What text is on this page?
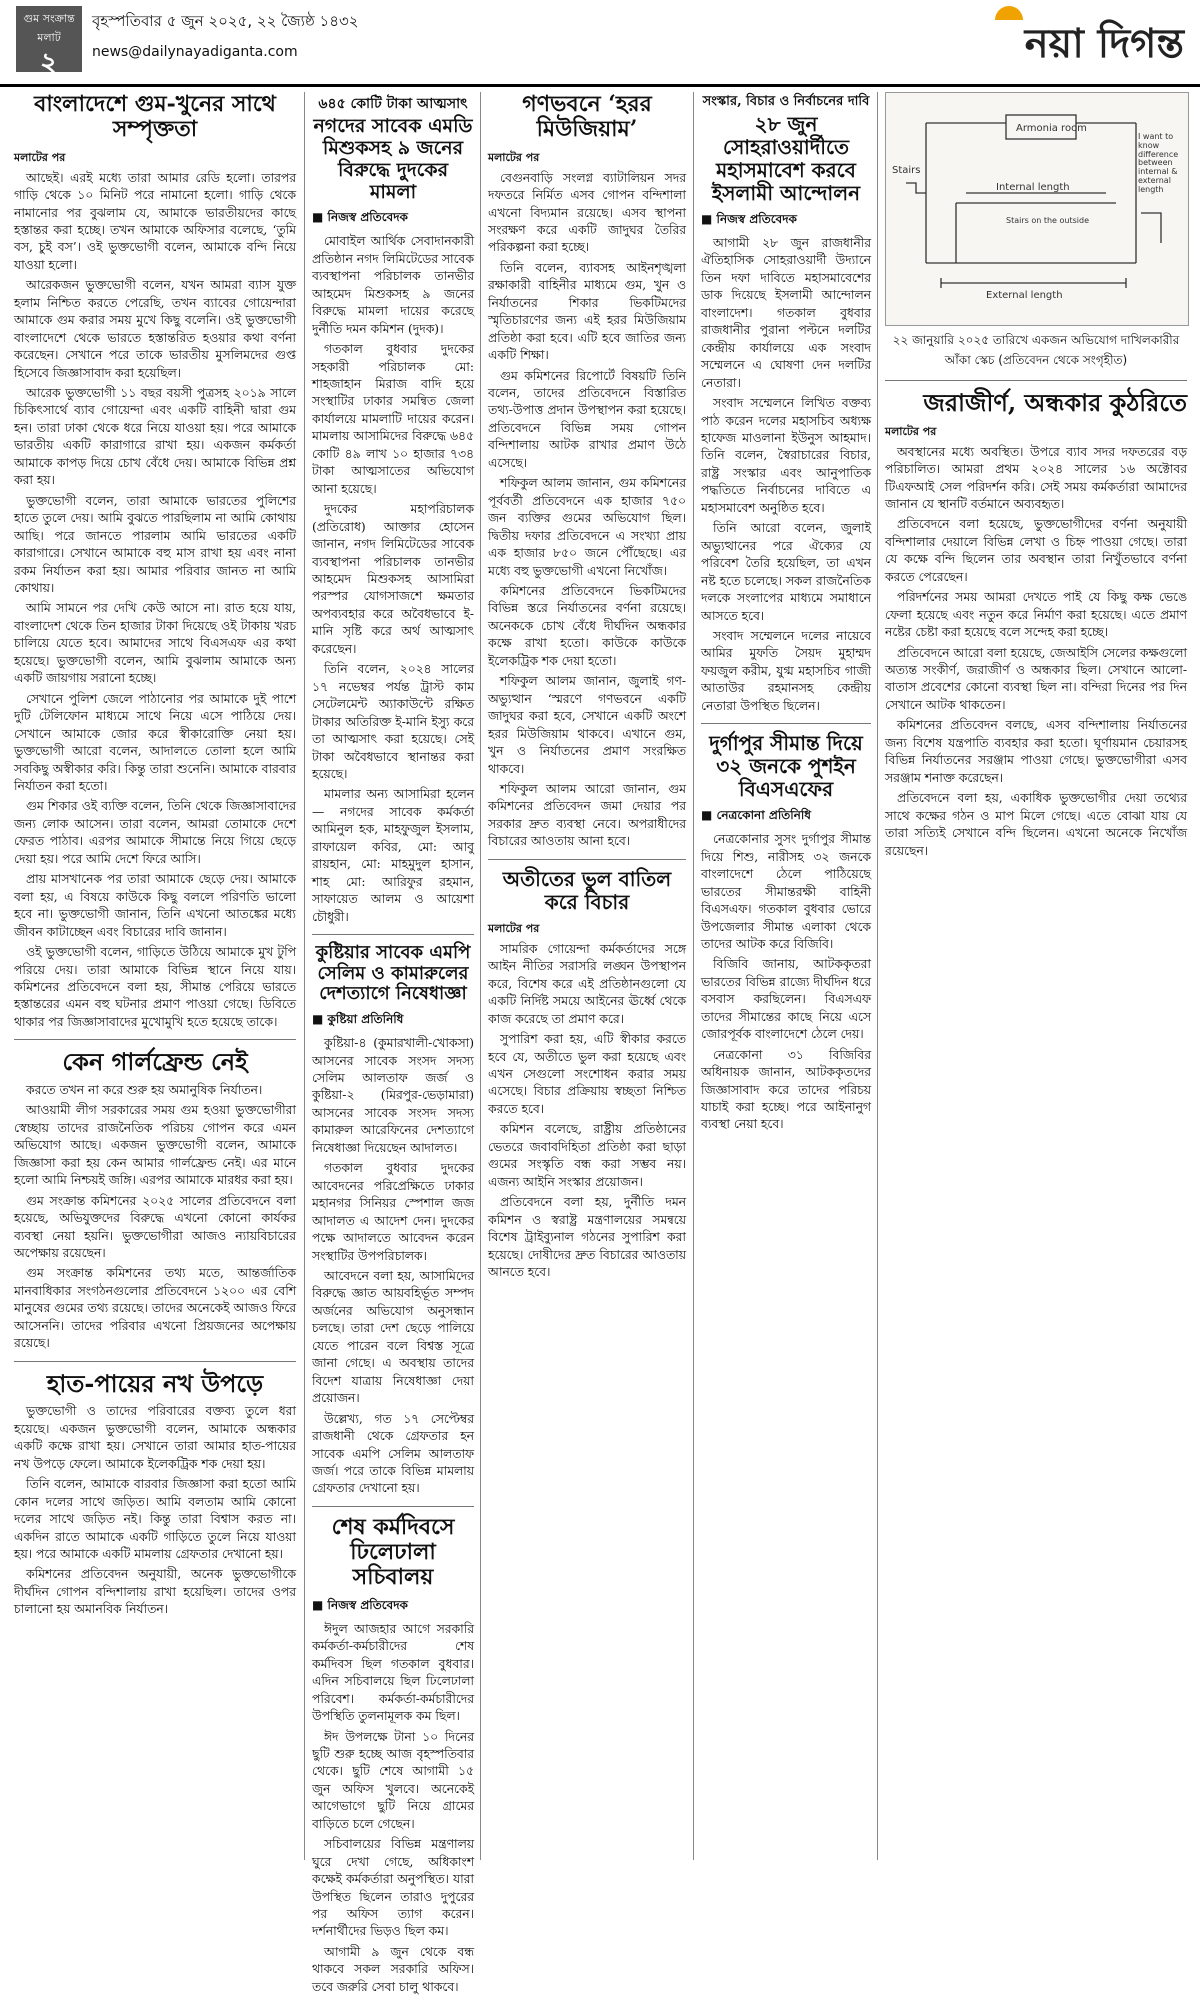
গুম সংক্রান্ত
মলাট
২
বৃহস্পতিবার ৫ জুন ২০২৫, ২২ জ্যৈষ্ঠ ১৪৩২
news@dailynayadiganta.com	নয়া দিগন্ত
বাংলাদেশে গুম-খুনের সাথে সম্পৃক্ততা
মলাটের পর

আছেই। এরই মধ্যে তারা আমার রেডি হলো। তারপর গাড়ি থেকে ১০ মিনিট পরে নামানো হলো। গাড়ি থেকে নামানোর পর বুঝলাম যে, আমাকে ভারতীয়দের কাছে হস্তান্তর করা হচ্ছে। তখন আমাকে অফিসার বলেছে, ‘তুমি বস, চুই বস’। ওই ভুক্তভোগী বলেন, আমাকে বন্দি নিয়ে যাওয়া হলো।

আরেকজন ভুক্তভোগী বলেন, যখন আমরা ব্যাস যুক্ত হলাম নিশ্চিত করতে পেরেছি, তখন ব্যাবের গোয়েন্দারা আমাকে গুম করার সময় মুখে কিছু বলেনি। ওই ভুক্তভোগী বাংলাদেশে থেকে ভারতে হস্তান্তরিত হওয়ার কথা বর্ণনা করেছেন। সেখানে পরে তাকে ভারতীয় মুসলিমদের গুপ্ত হিসেবে জিজ্ঞাসাবাদ করা হয়েছিল।

আরেক ভুক্তভোগী ১১ বছর বয়সী পুত্রসহ ২০১৯ সালে চিকিৎসার্থে ব্যাব গোয়েন্দা এবং একটি বাহিনী দ্বারা গুম হন। তারা ঢাকা থেকে ধরে নিয়ে যাওয়া হয়। পরে আমাকে ভারতীয় একটি কারাগারে রাখা হয়। একজন কর্মকর্তা আমাকে কাপড় দিয়ে চোখ বেঁধে দেয়। আমাকে বিভিন্ন প্রশ্ন করা হয়।

ভুক্তভোগী বলেন, তারা আমাকে ভারতের পুলিশের হাতে তুলে দেয়। আমি বুঝতে পারছিলাম না আমি কোথায় আছি। পরে জানতে পারলাম আমি ভারতের একটি কারাগারে। সেখানে আমাকে বহু মাস রাখা হয় এবং নানা রকম নির্যাতন করা হয়। আমার পরিবার জানত না আমি কোথায়।

আমি সামনে পর দেখি কেউ আসে না। রাত হয়ে যায়, বাংলাদেশ থেকে তিন হাজার টাকা দিয়েছে ওই টাকায় খরচ চালিয়ে যেতে হবে। আমাদের সাথে বিএসএফ এর কথা হয়েছে। ভুক্তভোগী বলেন, আমি বুঝলাম আমাকে অন্য একটি জায়গায় সরানো হচ্ছে।

সেখানে পুলিশ জেলে পাঠানোর পর আমাকে দুই পাশে দুটি টেলিফোন মাধ্যমে সাথে নিয়ে এসে পাঠিয়ে দেয়। সেখানে আমাকে জোর করে স্বীকারোক্তি নেয়া হয়। ভুক্তভোগী আরো বলেন, আদালতে তোলা হলে আমি সবকিছু অস্বীকার করি। কিন্তু তারা শুনেনি। আমাকে বারবার নির্যাতন করা হতো।

গুম শিকার ওই ব্যক্তি বলেন, তিনি থেকে জিজ্ঞাসাবাদের জন্য লোক আসেন। তারা বলেন, আমরা তোমাকে দেশে ফেরত পাঠাব। এরপর আমাকে সীমান্তে নিয়ে গিয়ে ছেড়ে দেয়া হয়। পরে আমি দেশে ফিরে আসি।

প্রায় মাসখানেক পর তারা আমাকে ছেড়ে দেয়। আমাকে বলা হয়, এ বিষয়ে কাউকে কিছু বললে পরিণতি ভালো হবে না। ভুক্তভোগী জানান, তিনি এখনো আতঙ্কের মধ্যে জীবন কাটাচ্ছেন এবং বিচারের দাবি জানান।

ওই ভুক্তভোগী বলেন, গাড়িতে উঠিয়ে আমাকে মুখ টুপি পরিয়ে দেয়। তারা আমাকে বিভিন্ন স্থানে নিয়ে যায়। কমিশনের প্রতিবেদনে বলা হয়, সীমান্ত পেরিয়ে ভারতে হস্তান্তরের এমন বহু ঘটনার প্রমাণ পাওয়া গেছে। ডিবিতে থাকার পর জিজ্ঞাসাবাদের মুখোমুখি হতে হয়েছে তাকে।

কেন গার্লফ্রেন্ড নেই

করতে তখন না করে শুরু হয় অমানুষিক নির্যাতন।

আওয়ামী লীগ সরকারের সময় গুম হওয়া ভুক্তভোগীরা স্বেচ্ছায় তাদের রাজনৈতিক পরিচয় গোপন করে এমন অভিযোগ আছে। একজন ভুক্তভোগী বলেন, আমাকে জিজ্ঞাসা করা হয় কেন আমার গার্লফ্রেন্ড নেই। এর মানে হলো আমি নিশ্চয়ই জঙ্গি। এরপর আমাকে মারধর করা হয়।

গুম সংক্রান্ত কমিশনের ২০২৫ সালের প্রতিবেদনে বলা হয়েছে, অভিযুক্তদের বিরুদ্ধে এখনো কোনো কার্যকর ব্যবস্থা নেয়া হয়নি। ভুক্তভোগীরা আজও ন্যায়বিচারের অপেক্ষায় রয়েছেন।

গুম সংক্রান্ত কমিশনের তথ্য মতে, আন্তর্জাতিক মানবাধিকার সংগঠনগুলোর প্রতিবেদনে ১২০০ এর বেশি মানুষের গুমের তথ্য রয়েছে। তাদের অনেকেই আজও ফিরে আসেননি। তাদের পরিবার এখনো প্রিয়জনের অপেক্ষায় রয়েছে।

হাত-পায়ের নখ উপড়ে

ভুক্তভোগী ও তাদের পরিবারের বক্তব্য তুলে ধরা হয়েছে। একজন ভুক্তভোগী বলেন, আমাকে অন্ধকার একটি কক্ষে রাখা হয়। সেখানে তারা আমার হাত-পায়ের নখ উপড়ে ফেলে। আমাকে ইলেকট্রিক শক দেয়া হয়।

তিনি বলেন, আমাকে বারবার জিজ্ঞাসা করা হতো আমি কোন দলের সাথে জড়িত। আমি বলতাম আমি কোনো দলের সাথে জড়িত নই। কিন্তু তারা বিশ্বাস করত না। একদিন রাতে আমাকে একটি গাড়িতে তুলে নিয়ে যাওয়া হয়। পরে আমাকে একটি মামলায় গ্রেফতার দেখানো হয়।

কমিশনের প্রতিবেদন অনুযায়ী, অনেক ভুক্তভোগীকে দীর্ঘদিন গোপন বন্দিশালায় রাখা হয়েছিল। তাদের ওপর চালানো হয় অমানবিক নির্যাতন।

৬৪৫ কোটি টাকা আত্মসাৎ
নগদের সাবেক এমডি মিশুকসহ ৯ জনের বিরুদ্ধে দুদকের মামলা
■ নিজস্ব প্রতিবেদক

মোবাইল আর্থিক সেবাদানকারী প্রতিষ্ঠান নগদ লিমিটেডের সাবেক ব্যবস্থাপনা পরিচালক তানভীর আহমেদ মিশুকসহ ৯ জনের বিরুদ্ধে মামলা দায়ের করেছে দুর্নীতি দমন কমিশন (দুদক)।

গতকাল বুধবার দুদকের সহকারী পরিচালক মো: শাহজাহান মিরাজ বাদি হয়ে সংস্থাটির ঢাকার সমন্বিত জেলা কার্যালয়ে মামলাটি দায়ের করেন। মামলায় আসামিদের বিরুদ্ধে ৬৪৫ কোটি ৪৯ লাখ ১০ হাজার ৭৩৪ টাকা আত্মসাতের অভিযোগ আনা হয়েছে।

দুদকের মহাপরিচালক (প্রতিরোধ) আক্তার হোসেন জানান, নগদ লিমিটেডের সাবেক ব্যবস্থাপনা পরিচালক তানভীর আহমেদ মিশুকসহ আসামিরা পরস্পর যোগসাজশে ক্ষমতার অপব্যবহার করে অবৈধভাবে ই-মানি সৃষ্টি করে অর্থ আত্মসাৎ করেছেন।

তিনি বলেন, ২০২৪ সালের ১৭ নভেম্বর পর্যন্ত ট্রাস্ট কাম সেটেলমেন্ট অ্যাকাউন্টে রক্ষিত টাকার অতিরিক্ত ই-মানি ইস্যু করে তা আত্মসাৎ করা হয়েছে। সেই টাকা অবৈধভাবে স্থানান্তর করা হয়েছে।

মামলার অন্য আসামিরা হলেন— নগদের সাবেক কর্মকর্তা আমিনুল হক, মাহফুজুল ইসলাম, রাফায়েল কবির, মো: আবু রায়হান, মো: মাহমুদুল হাসান, শাহ মো: আরিফুর রহমান, সাফায়েত আলম ও আয়েশা চৌধুরী।

কুষ্টিয়ার সাবেক এমপি সেলিম ও কামারুলের দেশত্যাগে নিষেধাজ্ঞা
■ কুষ্টিয়া প্রতিনিধি

কুষ্টিয়া-৪ (কুমারখালী-খোকসা) আসনের সাবেক সংসদ সদস্য সেলিম আলতাফ জর্জ ও কুষ্টিয়া-২ (মিরপুর-ভেড়ামারা) আসনের সাবেক সংসদ সদস্য কামারুল আরেফিনের দেশত্যাগে নিষেধাজ্ঞা দিয়েছেন আদালত।

গতকাল বুধবার দুদকের আবেদনের পরিপ্রেক্ষিতে ঢাকার মহানগর সিনিয়র স্পেশাল জজ আদালত এ আদেশ দেন। দুদকের পক্ষে আদালতে আবেদন করেন সংস্থাটির উপপরিচালক।

আবেদনে বলা হয়, আসামিদের বিরুদ্ধে জ্ঞাত আয়বহির্ভূত সম্পদ অর্জনের অভিযোগ অনুসন্ধান চলছে। তারা দেশ ছেড়ে পালিয়ে যেতে পারেন বলে বিশ্বস্ত সূত্রে জানা গেছে। এ অবস্থায় তাদের বিদেশ যাত্রায় নিষেধাজ্ঞা দেয়া প্রয়োজন।

উল্লেখ্য, গত ১৭ সেপ্টেম্বর রাজধানী থেকে গ্রেফতার হন সাবেক এমপি সেলিম আলতাফ জর্জ। পরে তাকে বিভিন্ন মামলায় গ্রেফতার দেখানো হয়।

শেষ কর্মদিবসে ঢিলেঢালা সচিবালয়
■ নিজস্ব প্রতিবেদক

ঈদুল আজহার আগে সরকারি কর্মকর্তা-কর্মচারীদের শেষ কর্মদিবস ছিল গতকাল বুধবার। এদিন সচিবালয়ে ছিল ঢিলেঢালা পরিবেশ। কর্মকর্তা-কর্মচারীদের উপস্থিতি তুলনামূলক কম ছিল।

ঈদ উপলক্ষে টানা ১০ দিনের ছুটি শুরু হচ্ছে আজ বৃহস্পতিবার থেকে। ছুটি শেষে আগামী ১৫ জুন অফিস খুলবে। অনেকেই আগেভাগে ছুটি নিয়ে গ্রামের বাড়িতে চলে গেছেন।

সচিবালয়ের বিভিন্ন মন্ত্রণালয় ঘুরে দেখা গেছে, অধিকাংশ কক্ষেই কর্মকর্তারা অনুপস্থিত। যারা উপস্থিত ছিলেন তারাও দুপুরের পর অফিস ত্যাগ করেন। দর্শনার্থীদের ভিড়ও ছিল কম।

আগামী ৯ জুন থেকে বন্ধ থাকবে সকল সরকারি অফিস। তবে জরুরি সেবা চালু থাকবে।

গণভবনে ‘হরর মিউজিয়াম’
মলাটের পর

বেগুনবাড়ি সংলগ্ন ব্যাটালিয়ন সদর দফতরে নির্মিত এসব গোপন বন্দিশালা এখনো বিদ্যমান রয়েছে। এসব স্থাপনা সংরক্ষণ করে একটি জাদুঘর তৈরির পরিকল্পনা করা হচ্ছে।

তিনি বলেন, ব্যাবসহ আইনশৃঙ্খলা রক্ষাকারী বাহিনীর মাধ্যমে গুম, খুন ও নির্যাতনের শিকার ভিকটিমদের স্মৃতিচারণের জন্য এই হরর মিউজিয়াম প্রতিষ্ঠা করা হবে। এটি হবে জাতির জন্য একটি শিক্ষা।

গুম কমিশনের রিপোর্টে বিষয়টি তিনি বলেন, তাদের প্রতিবেদনে বিস্তারিত তথ্য-উপাত্ত প্রদান উপস্থাপন করা হয়েছে। প্রতিবেদনে বিভিন্ন সময় গোপন বন্দিশালায় আটক রাখার প্রমাণ উঠে এসেছে।

শফিকুল আলম জানান, গুম কমিশনের পূর্ববর্তী প্রতিবেদনে এক হাজার ৭৫০ জন ব্যক্তির গুমের অভিযোগ ছিল। দ্বিতীয় দফার প্রতিবেদনে এ সংখ্যা প্রায় এক হাজার ৮৫০ জনে পৌঁছেছে। এর মধ্যে বহু ভুক্তভোগী এখনো নিখোঁজ।

কমিশনের প্রতিবেদনে ভিকটিমদের বিভিন্ন স্তরে নির্যাতনের বর্ণনা রয়েছে। অনেককে চোখ বেঁধে দীর্ঘদিন অন্ধকার কক্ষে রাখা হতো। কাউকে কাউকে ইলেকট্রিক শক দেয়া হতো।

শফিকুল আলম জানান, জুলাই গণ-অভ্যুত্থান ‘স্মরণে গণভবনে একটি জাদুঘর করা হবে, সেখানে একটি অংশে হরর মিউজিয়াম থাকবে। এখানে গুম, খুন ও নির্যাতনের প্রমাণ সংরক্ষিত থাকবে।

শফিকুল আলম আরো জানান, গুম কমিশনের প্রতিবেদন জমা দেয়ার পর সরকার দ্রুত ব্যবস্থা নেবে। অপরাধীদের বিচারের আওতায় আনা হবে।

অতীতের ভুল বাতিল করে বিচার
মলাটের পর

সামরিক গোয়েন্দা কর্মকর্তাদের সঙ্গে আইন নীতির সরাসরি লঙ্ঘন উপস্থাপন করে, বিশেষ করে এই প্রতিষ্ঠানগুলো যে একটি নির্দিষ্ট সময়ে আইনের ঊর্ধ্বে থেকে কাজ করেছে তা প্রমাণ করে।

সুপারিশ করা হয়, এটি স্বীকার করতে হবে যে, অতীতে ভুল করা হয়েছে এবং এখন সেগুলো সংশোধন করার সময় এসেছে। বিচার প্রক্রিয়ায় স্বচ্ছতা নিশ্চিত করতে হবে।

কমিশন বলেছে, রাষ্ট্রীয় প্রতিষ্ঠানের ভেতরে জবাবদিহিতা প্রতিষ্ঠা করা ছাড়া গুমের সংস্কৃতি বন্ধ করা সম্ভব নয়। এজন্য আইনি সংস্কার প্রয়োজন।

প্রতিবেদনে বলা হয়, দুর্নীতি দমন কমিশন ও স্বরাষ্ট্র মন্ত্রণালয়ের সমন্বয়ে বিশেষ ট্রাইব্যুনাল গঠনের সুপারিশ করা হয়েছে। দোষীদের দ্রুত বিচারের আওতায় আনতে হবে।

সংস্কার, বিচার ও নির্বাচনের দাবি
২৮ জুন সোহরাওয়ার্দীতে মহাসমাবেশ করবে ইসলামী আন্দোলন
■ নিজস্ব প্রতিবেদক

আগামী ২৮ জুন রাজধানীর ঐতিহাসিক সোহরাওয়ার্দী উদ্যানে তিন দফা দাবিতে মহাসমাবেশের ডাক দিয়েছে ইসলামী আন্দোলন বাংলাদেশ। গতকাল বুধবার রাজধানীর পুরানা পল্টনে দলটির কেন্দ্রীয় কার্যালয়ে এক সংবাদ সম্মেলনে এ ঘোষণা দেন দলটির নেতারা।

সংবাদ সম্মেলনে লিখিত বক্তব্য পাঠ করেন দলের মহাসচিব অধ্যক্ষ হাফেজ মাওলানা ইউনুস আহমাদ। তিনি বলেন, স্বৈরাচারের বিচার, রাষ্ট্র সংস্কার এবং আনুপাতিক পদ্ধতিতে নির্বাচনের দাবিতে এ মহাসমাবেশ অনুষ্ঠিত হবে।

তিনি আরো বলেন, জুলাই অভ্যুত্থানের পরে ঐক্যের যে পরিবেশ তৈরি হয়েছিল, তা এখন নষ্ট হতে চলেছে। সকল রাজনৈতিক দলকে সংলাপের মাধ্যমে সমাধানে আসতে হবে।

সংবাদ সম্মেলনে দলের নায়েবে আমির মুফতি সৈয়দ মুহাম্মদ ফয়জুল করীম, যুগ্ম মহাসচিব গাজী আতাউর রহমানসহ কেন্দ্রীয় নেতারা উপস্থিত ছিলেন।

দুর্গাপুর সীমান্ত দিয়ে ৩২ জনকে পুশইন বিএসএফের
■ নেত্রকোনা প্রতিনিধি

নেত্রকোনার সুসং দুর্গাপুর সীমান্ত দিয়ে শিশু, নারীসহ ৩২ জনকে বাংলাদেশে ঠেলে পাঠিয়েছে ভারতের সীমান্তরক্ষী বাহিনী বিএসএফ। গতকাল বুধবার ভোরে উপজেলার সীমান্ত এলাকা থেকে তাদের আটক করে বিজিবি।

বিজিবি জানায়, আটককৃতরা ভারতের বিভিন্ন রাজ্যে দীর্ঘদিন ধরে বসবাস করছিলেন। বিএসএফ তাদের সীমান্তের কাছে নিয়ে এসে জোরপূর্বক বাংলাদেশে ঠেলে দেয়।

নেত্রকোনা ৩১ বিজিবির অধিনায়ক জানান, আটককৃতদের জিজ্ঞাসাবাদ করে তাদের পরিচয় যাচাই করা হচ্ছে। পরে আইনানুগ ব্যবস্থা নেয়া হবে।

Armonia room
Stairs
Internal length
External length
Stairs on the outside
I want to know difference between internal & external length
২২ জানুয়ারি ২০২৫ তারিখে একজন অভিযোগ দাখিলকারীর আঁকা স্কেচ (প্রতিবেদন থেকে সংগৃহীত)
জরাজীর্ণ, অন্ধকার কুঠরিতে
মলাটের পর

অবস্থানের মধ্যে অবস্থিত। উপরে ব্যাব সদর দফতরের বড় পরিচালিত। আমরা প্রথম ২০২৪ সালের ১৬ অক্টোবর টিএফআই সেল পরিদর্শন করি। সেই সময় কর্মকর্তারা আমাদের জানান যে স্থানটি বর্তমানে অব্যবহৃত।

প্রতিবেদনে বলা হয়েছে, ভুক্তভোগীদের বর্ণনা অনুযায়ী বন্দিশালার দেয়ালে বিভিন্ন লেখা ও চিহ্ন পাওয়া গেছে। তারা যে কক্ষে বন্দি ছিলেন তার অবস্থান তারা নিখুঁতভাবে বর্ণনা করতে পেরেছেন।

পরিদর্শনের সময় আমরা দেখতে পাই যে কিছু কক্ষ ভেঙে ফেলা হয়েছে এবং নতুন করে নির্মাণ করা হয়েছে। এতে প্রমাণ নষ্টের চেষ্টা করা হয়েছে বলে সন্দেহ করা হচ্ছে।

প্রতিবেদনে আরো বলা হয়েছে, জেআইসি সেলের কক্ষগুলো অত্যন্ত সংকীর্ণ, জরাজীর্ণ ও অন্ধকার ছিল। সেখানে আলো-বাতাস প্রবেশের কোনো ব্যবস্থা ছিল না। বন্দিরা দিনের পর দিন সেখানে আটক থাকতেন।

কমিশনের প্রতিবেদন বলছে, এসব বন্দিশালায় নির্যাতনের জন্য বিশেষ যন্ত্রপাতি ব্যবহার করা হতো। ঘূর্ণায়মান চেয়ারসহ বিভিন্ন নির্যাতনের সরঞ্জাম পাওয়া গেছে। ভুক্তভোগীরা এসব সরঞ্জাম শনাক্ত করেছেন।

প্রতিবেদনে বলা হয়, একাধিক ভুক্তভোগীর দেয়া তথ্যের সাথে কক্ষের গঠন ও মাপ মিলে গেছে। এতে বোঝা যায় যে তারা সত্যিই সেখানে বন্দি ছিলেন। এখনো অনেকে নিখোঁজ রয়েছেন।
